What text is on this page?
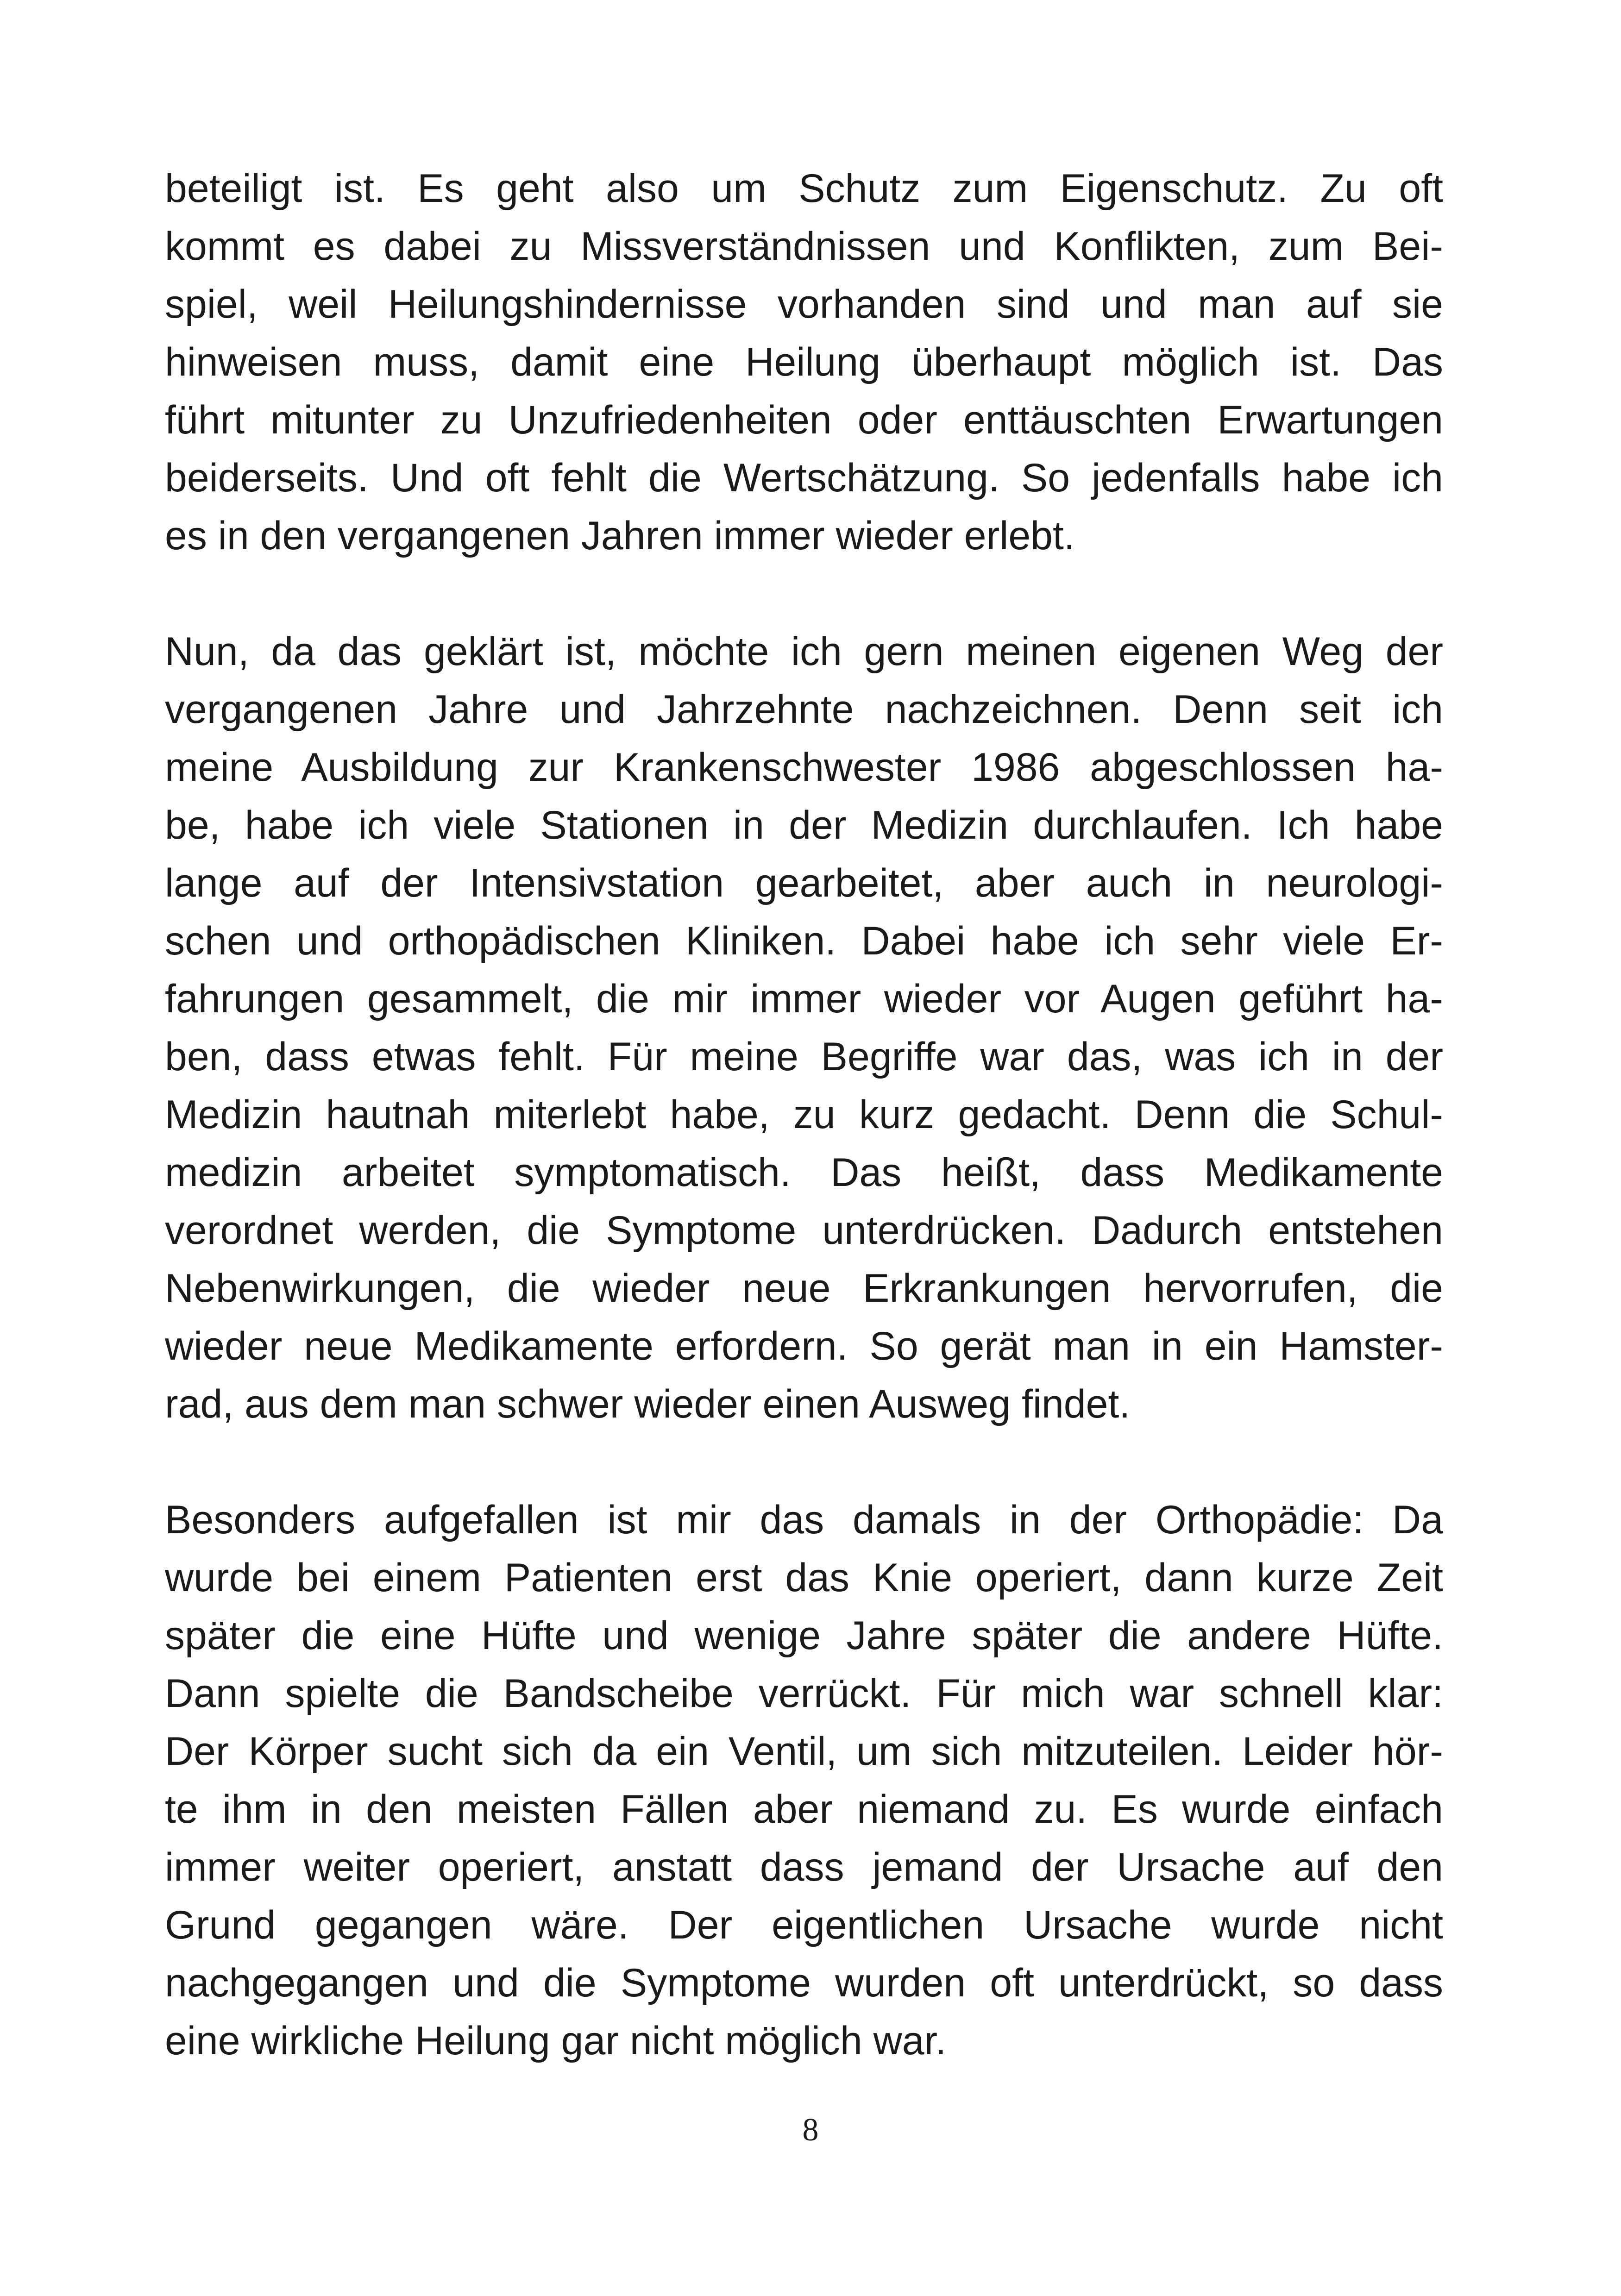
beteiligt ist. Es geht also um Schutz zum Eigenschutz. Zu oft
kommt es dabei zu Missverständnissen und Konflikten, zum Bei-
spiel, weil Heilungshindernisse vorhanden sind und man auf sie
hinweisen muss, damit eine Heilung überhaupt möglich ist. Das
führt mitunter zu Unzufriedenheiten oder enttäuschten Erwartungen
beiderseits. Und oft fehlt die Wertschätzung. So jedenfalls habe ich
es in den vergangenen Jahren immer wieder erlebt.

Nun, da das geklärt ist, möchte ich gern meinen eigenen Weg der
vergangenen Jahre und Jahrzehnte nachzeichnen. Denn seit ich
meine Ausbildung zur Krankenschwester 1986 abgeschlossen ha-
be, habe ich viele Stationen in der Medizin durchlaufen. Ich habe
lange auf der Intensivstation gearbeitet, aber auch in neurologi-
schen und orthopädischen Kliniken. Dabei habe ich sehr viele Er-
fahrungen gesammelt, die mir immer wieder vor Augen geführt ha-
ben, dass etwas fehlt. Für meine Begriffe war das, was ich in der
Medizin hautnah miterlebt habe, zu kurz gedacht. Denn die Schul-
medizin arbeitet symptomatisch. Das heißt, dass Medikamente
verordnet werden, die Symptome unterdrücken. Dadurch entstehen
Nebenwirkungen, die wieder neue Erkrankungen hervorrufen, die
wieder neue Medikamente erfordern. So gerät man in ein Hamster-
rad, aus dem man schwer wieder einen Ausweg findet.

Besonders aufgefallen ist mir das damals in der Orthopädie: Da
wurde bei einem Patienten erst das Knie operiert, dann kurze Zeit
später die eine Hüfte und wenige Jahre später die andere Hüfte.
Dann spielte die Bandscheibe verrückt. Für mich war schnell klar:
Der Körper sucht sich da ein Ventil, um sich mitzuteilen. Leider hör-
te ihm in den meisten Fällen aber niemand zu. Es wurde einfach
immer weiter operiert, anstatt dass jemand der Ursache auf den
Grund gegangen wäre. Der eigentlichen Ursache wurde nicht
nachgegangen und die Symptome wurden oft unterdrückt, so dass
eine wirkliche Heilung gar nicht möglich war.

8
